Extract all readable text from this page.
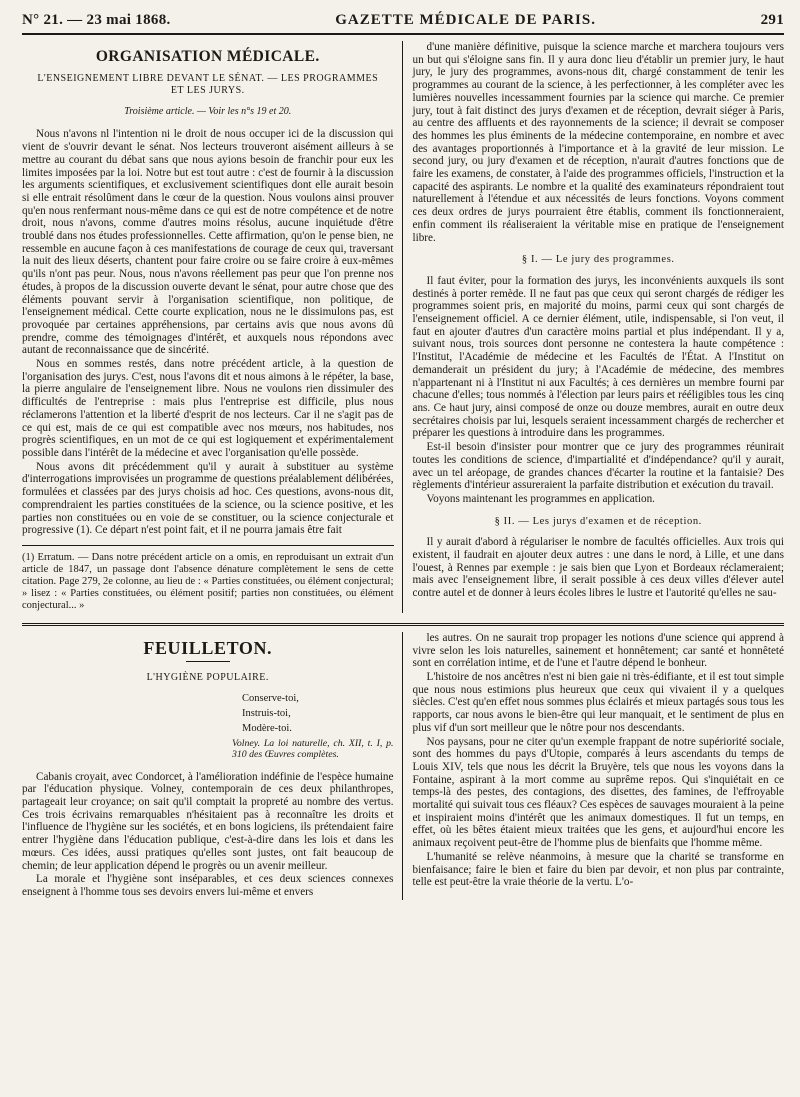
N° 21. — 23 mai 1868.	GAZETTE MÉDICALE DE PARIS.	291
ORGANISATION MÉDICALE.
L'ENSEIGNEMENT LIBRE DEVANT LE SÉNAT. — LES PROGRAMMES ET LES JURYS.
Troisième article. — Voir les n°s 19 et 20.

Nous n'avons nl l'intention ni le droit de nous occuper ici de la discussion qui vient de s'ouvrir devant le sénat. Nos lecteurs trouveront aisément ailleurs à se mettre au courant du débat sans que nous ayions besoin de franchir pour eux les limites imposées par la loi. Notre but est tout autre : c'est de fournir à la discussion les arguments scientifiques, et exclusivement scientifiques dont elle aurait besoin si elle entrait résolûment dans le cœur de la question. Nous voulons ainsi prouver qu'en nous renfermant nous-même dans ce qui est de notre compétence et de notre droit, nous n'avons, comme d'autres moins résolus, aucune inquiétude d'être troublé dans nos études professionnelles. Cette affirmation, qu'on le pense bien, ne ressemble en aucune façon à ces manifestations de courage de ceux qui, traversant la nuit des lieux déserts, chantent pour faire croire ou se faire croire à eux-mêmes qu'ils n'ont pas peur. Nous, nous n'avons réellement pas peur que l'on prenne nos études, à propos de la discussion ouverte devant le sénat, pour autre chose que des éléments pouvant servir à l'organisation scientifique, non politique, de l'enseignement médical. Cette courte explication, nous ne le dissimulons pas, est provoquée par certaines appréhensions, par certains avis que nous avons dû prendre, comme des témoignages d'intérêt, et auxquels nous répondons avec autant de reconnaissance que de sincérité.

Nous en sommes restés, dans notre précédent article, à la question de l'organisation des jurys. C'est, nous l'avons dit et nous aimons à le répéter, la base, la pierre angulaire de l'enseignement libre. Nous ne voulons rien dissimuler des difficultés de l'entreprise : mais plus l'entreprise est difficile, plus nous réclamerons l'attention et la liberté d'esprit de nos lecteurs. Car il ne s'agit pas de ce qui est, mais de ce qui est compatible avec nos mœurs, nos habitudes, nos progrès scientifiques, en un mot de ce qui est logiquement et expérimentalement possible dans l'intérêt de la médecine et avec l'organisation qu'elle possède.

Nous avons dit précédemment qu'il y aurait à substituer au système d'interrogations improvisées un programme de questions préalablement délibérées, formulées et classées par des jurys choisis ad hoc. Ces questions, avons-nous dit, comprendraient les parties constituées de la science, ou la science positive, et les parties non constituées ou en voie de se constituer, ou la science conjecturale et progressive (1). Ce départ n'est point fait, et il ne pourra jamais être fait

(1) Erratum. — Dans notre précédent article on a omis, en reproduisant un extrait d'un article de 1847, un passage dont l'absence dénature complètement le sens de cette citation. Page 279, 2e colonne, au lieu de : « Parties constituées, ou élément conjectural; » lisez : « Parties constituées, ou élément positif; parties non constituées, ou élément conjectural... »

d'une manière définitive, puisque la science marche et marchera toujours vers un but qui s'éloigne sans fin. Il y aura donc lieu d'établir un premier jury, le haut jury, le jury des programmes, avons-nous dit, chargé constamment de tenir les programmes au courant de la science, à les perfectionner, à les compléter avec les lumières nouvelles incessamment fournies par la science qui marche. Ce premier jury, tout à fait distinct des jurys d'examen et de réception, devrait siéger à Paris, au centre des affluents et des rayonnements de la science; il devrait se composer des hommes les plus éminents de la médecine contemporaine, en nombre et avec des avantages proportionnés à l'importance et à la gravité de leur mission. Le second jury, ou jury d'examen et de réception, n'aurait d'autres fonctions que de faire les examens, de constater, à l'aide des programmes officiels, l'instruction et la capacité des aspirants. Le nombre et la qualité des examinateurs répondraient tout naturellement à l'étendue et aux nécessités de leurs fonctions. Voyons comment ces deux ordres de jurys pourraient être établis, comment ils fonctionneraient, enfin comment ils réaliseraient la véritable mise en pratique de l'enseignement libre.

§ I. — Le jury des programmes.

Il faut éviter, pour la formation des jurys, les inconvénients auxquels ils sont destinés à porter remède. Il ne faut pas que ceux qui seront chargés de rédiger les programmes soient pris, en majorité du moins, parmi ceux qui sont chargés de l'enseignement officiel. A ce dernier élément, utile, indispensable, si l'on veut, il faut en ajouter d'autres d'un caractère moins partial et plus indépendant. Il y a, suivant nous, trois sources dont personne ne contestera la haute compétence : l'Institut, l'Académie de médecine et les Facultés de l'État. A l'Institut on demanderait un président du jury; à l'Académie de médecine, des membres n'appartenant ni à l'Institut ni aux Facultés; à ces dernières un membre fourni par chacune d'elles; tous nommés à l'élection par leurs pairs et rééligibles tous les cinq ans. Ce haut jury, ainsi composé de onze ou douze membres, aurait en outre deux secrétaires choisis par lui, lesquels seraient incessamment chargés de rechercher et préparer les questions à introduire dans les programmes.

Est-il besoin d'insister pour montrer que ce jury des programmes réunirait toutes les conditions de science, d'impartialité et d'indépendance? qu'il y aurait, avec un tel aréopage, de grandes chances d'écarter la routine et la fantaisie? Des règlements d'intérieur assureraient la parfaite distribution et exécution du travail.

Voyons maintenant les programmes en application.

§ II. — Les jurys d'examen et de réception.

Il y aurait d'abord à régulariser le nombre de facultés officielles. Aux trois qui existent, il faudrait en ajouter deux autres : une dans le nord, à Lille, et une dans l'ouest, à Rennes par exemple : je sais bien que Lyon et Bordeaux réclameraient; mais avec l'enseignement libre, il serait possible à ces deux villes d'élever autel contre autel et de donner à leurs écoles libres le lustre et l'autorité qu'elles ne sau-

FEUILLETON.
L'HYGIÈNE POPULAIRE.
Conserve-toi,
Instruis-toi,
Modère-toi.
Volney. La loi naturelle, ch. XII, t. I, p. 310 des Œuvres complètes.

Cabanis croyait, avec Condorcet, à l'amélioration indéfinie de l'espèce humaine par l'éducation physique. Volney, contemporain de ces deux philanthropes, partageait leur croyance; on sait qu'il comptait la propreté au nombre des vertus. Ces trois écrivains remarquables n'hésitaient pas à reconnaître les droits et l'influence de l'hygiène sur les sociétés, et en bons logiciens, ils prétendaient faire entrer l'hygiène dans l'éducation publique, c'est-à-dire dans les lois et dans les mœurs. Ces idées, aussi pratiques qu'elles sont justes, ont fait beaucoup de chemin; de leur application dépend le progrès ou un avenir meilleur.

La morale et l'hygiène sont inséparables, et ces deux sciences connexes enseignent à l'homme tous ses devoirs envers lui-même et envers

les autres. On ne saurait trop propager les notions d'une science qui apprend à vivre selon les lois naturelles, sainement et honnêtement; car santé et honnêteté sont en corrélation intime, et de l'une et l'autre dépend le bonheur.

L'histoire de nos ancêtres n'est ni bien gaie ni très-édifiante, et il est tout simple que nous nous estimions plus heureux que ceux qui vivaient il y a quelques siècles. C'est qu'en effet nous sommes plus éclairés et mieux partagés sous tous les rapports, car nous avons le bien-être qui leur manquait, et le sentiment de plus en plus vif d'un sort meilleur que le nôtre pour nos descendants.

Nos paysans, pour ne citer qu'un exemple frappant de notre supériorité sociale, sont des hommes du pays d'Utopie, comparés à leurs ascendants du temps de Louis XIV, tels que nous les décrit la Bruyère, tels que nous les voyons dans la Fontaine, aspirant à la mort comme au suprême repos. Qui s'inquiétait en ce temps-là des pestes, des contagions, des disettes, des famines, de l'effroyable mortalité qui suivait tous ces fléaux? Ces espèces de sauvages mouraient à la peine et inspiraient moins d'intérêt que les animaux domestiques. Il fut un temps, en effet, où les bêtes étaient mieux traitées que les gens, et aujourd'hui encore les animaux reçoivent peut-être de l'homme plus de bienfaits que l'homme même.

L'humanité se relève néanmoins, à mesure que la charité se transforme en bienfaisance; faire le bien et faire du bien par devoir, et non plus par contrainte, telle est peut-être la vraie théorie de la vertu. L'o-
